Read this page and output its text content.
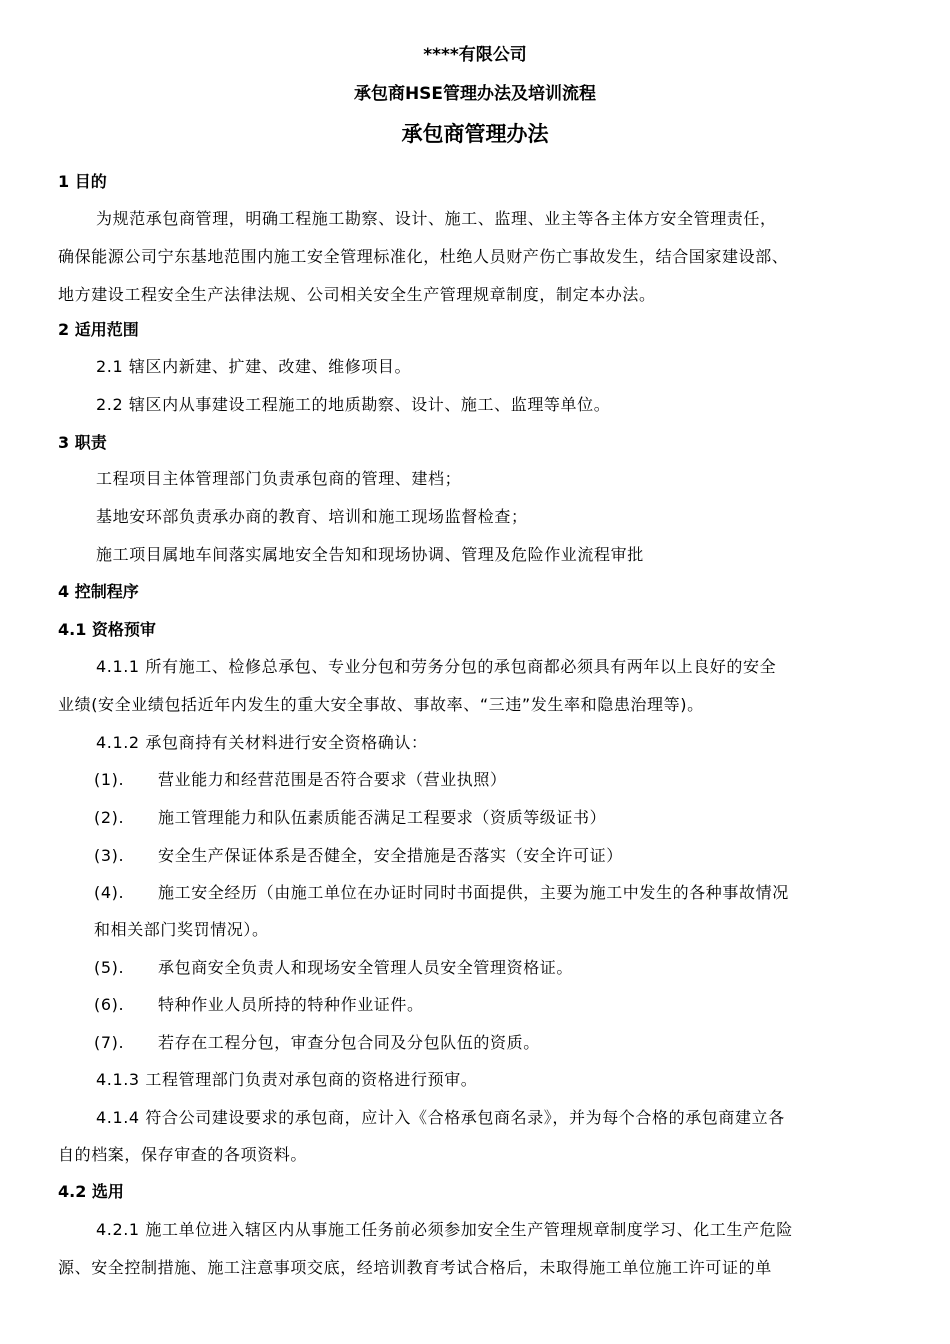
****有限公司
承包商HSE管理办法及培训流程
承包商管理办法
1 目的
为规范承包商管理，明确工程施工勘察、设计、施工、监理、业主等各主体方安全管理责任，
确保能源公司宁东基地范围内施工安全管理标准化，杜绝人员财产伤亡事故发生，结合国家建设部、
地方建设工程安全生产法律法规、公司相关安全生产管理规章制度，制定本办法。
2 适用范围
2.1 辖区内新建、扩建、改建、维修项目。
2.2 辖区内从事建设工程施工的地质勘察、设计、施工、监理等单位。
3 职责
工程项目主体管理部门负责承包商的管理、建档；
基地安环部负责承办商的教育、培训和施工现场监督检查；
施工项目属地车间落实属地安全告知和现场协调、管理及危险作业流程审批
4 控制程序
4.1 资格预审
4.1.1 所有施工、检修总承包、专业分包和劳务分包的承包商都必须具有两年以上良好的安全
业绩(安全业绩包括近年内发生的重大安全事故、事故率、“三违”发生率和隐患治理等)。
4.1.2 承包商持有关材料进行安全资格确认：
(1). 营业能力和经营范围是否符合要求（营业执照）
(2). 施工管理能力和队伍素质能否满足工程要求（资质等级证书）
(3). 安全生产保证体系是否健全，安全措施是否落实（安全许可证）
(4). 施工安全经历（由施工单位在办证时同时书面提供，主要为施工中发生的各种事故情况
和相关部门奖罚情况）。
(5). 承包商安全负责人和现场安全管理人员安全管理资格证。
(6). 特种作业人员所持的特种作业证件。
(7). 若存在工程分包，审查分包合同及分包队伍的资质。
4.1.3 工程管理部门负责对承包商的资格进行预审。
4.1.4 符合公司建设要求的承包商，应计入《合格承包商名录》，并为每个合格的承包商建立各
自的档案，保存审查的各项资料。
4.2 选用
4.2.1 施工单位进入辖区内从事施工任务前必须参加安全生产管理规章制度学习、化工生产危险
源、安全控制措施、施工注意事项交底，经培训教育考试合格后，未取得施工单位施工许可证的单
